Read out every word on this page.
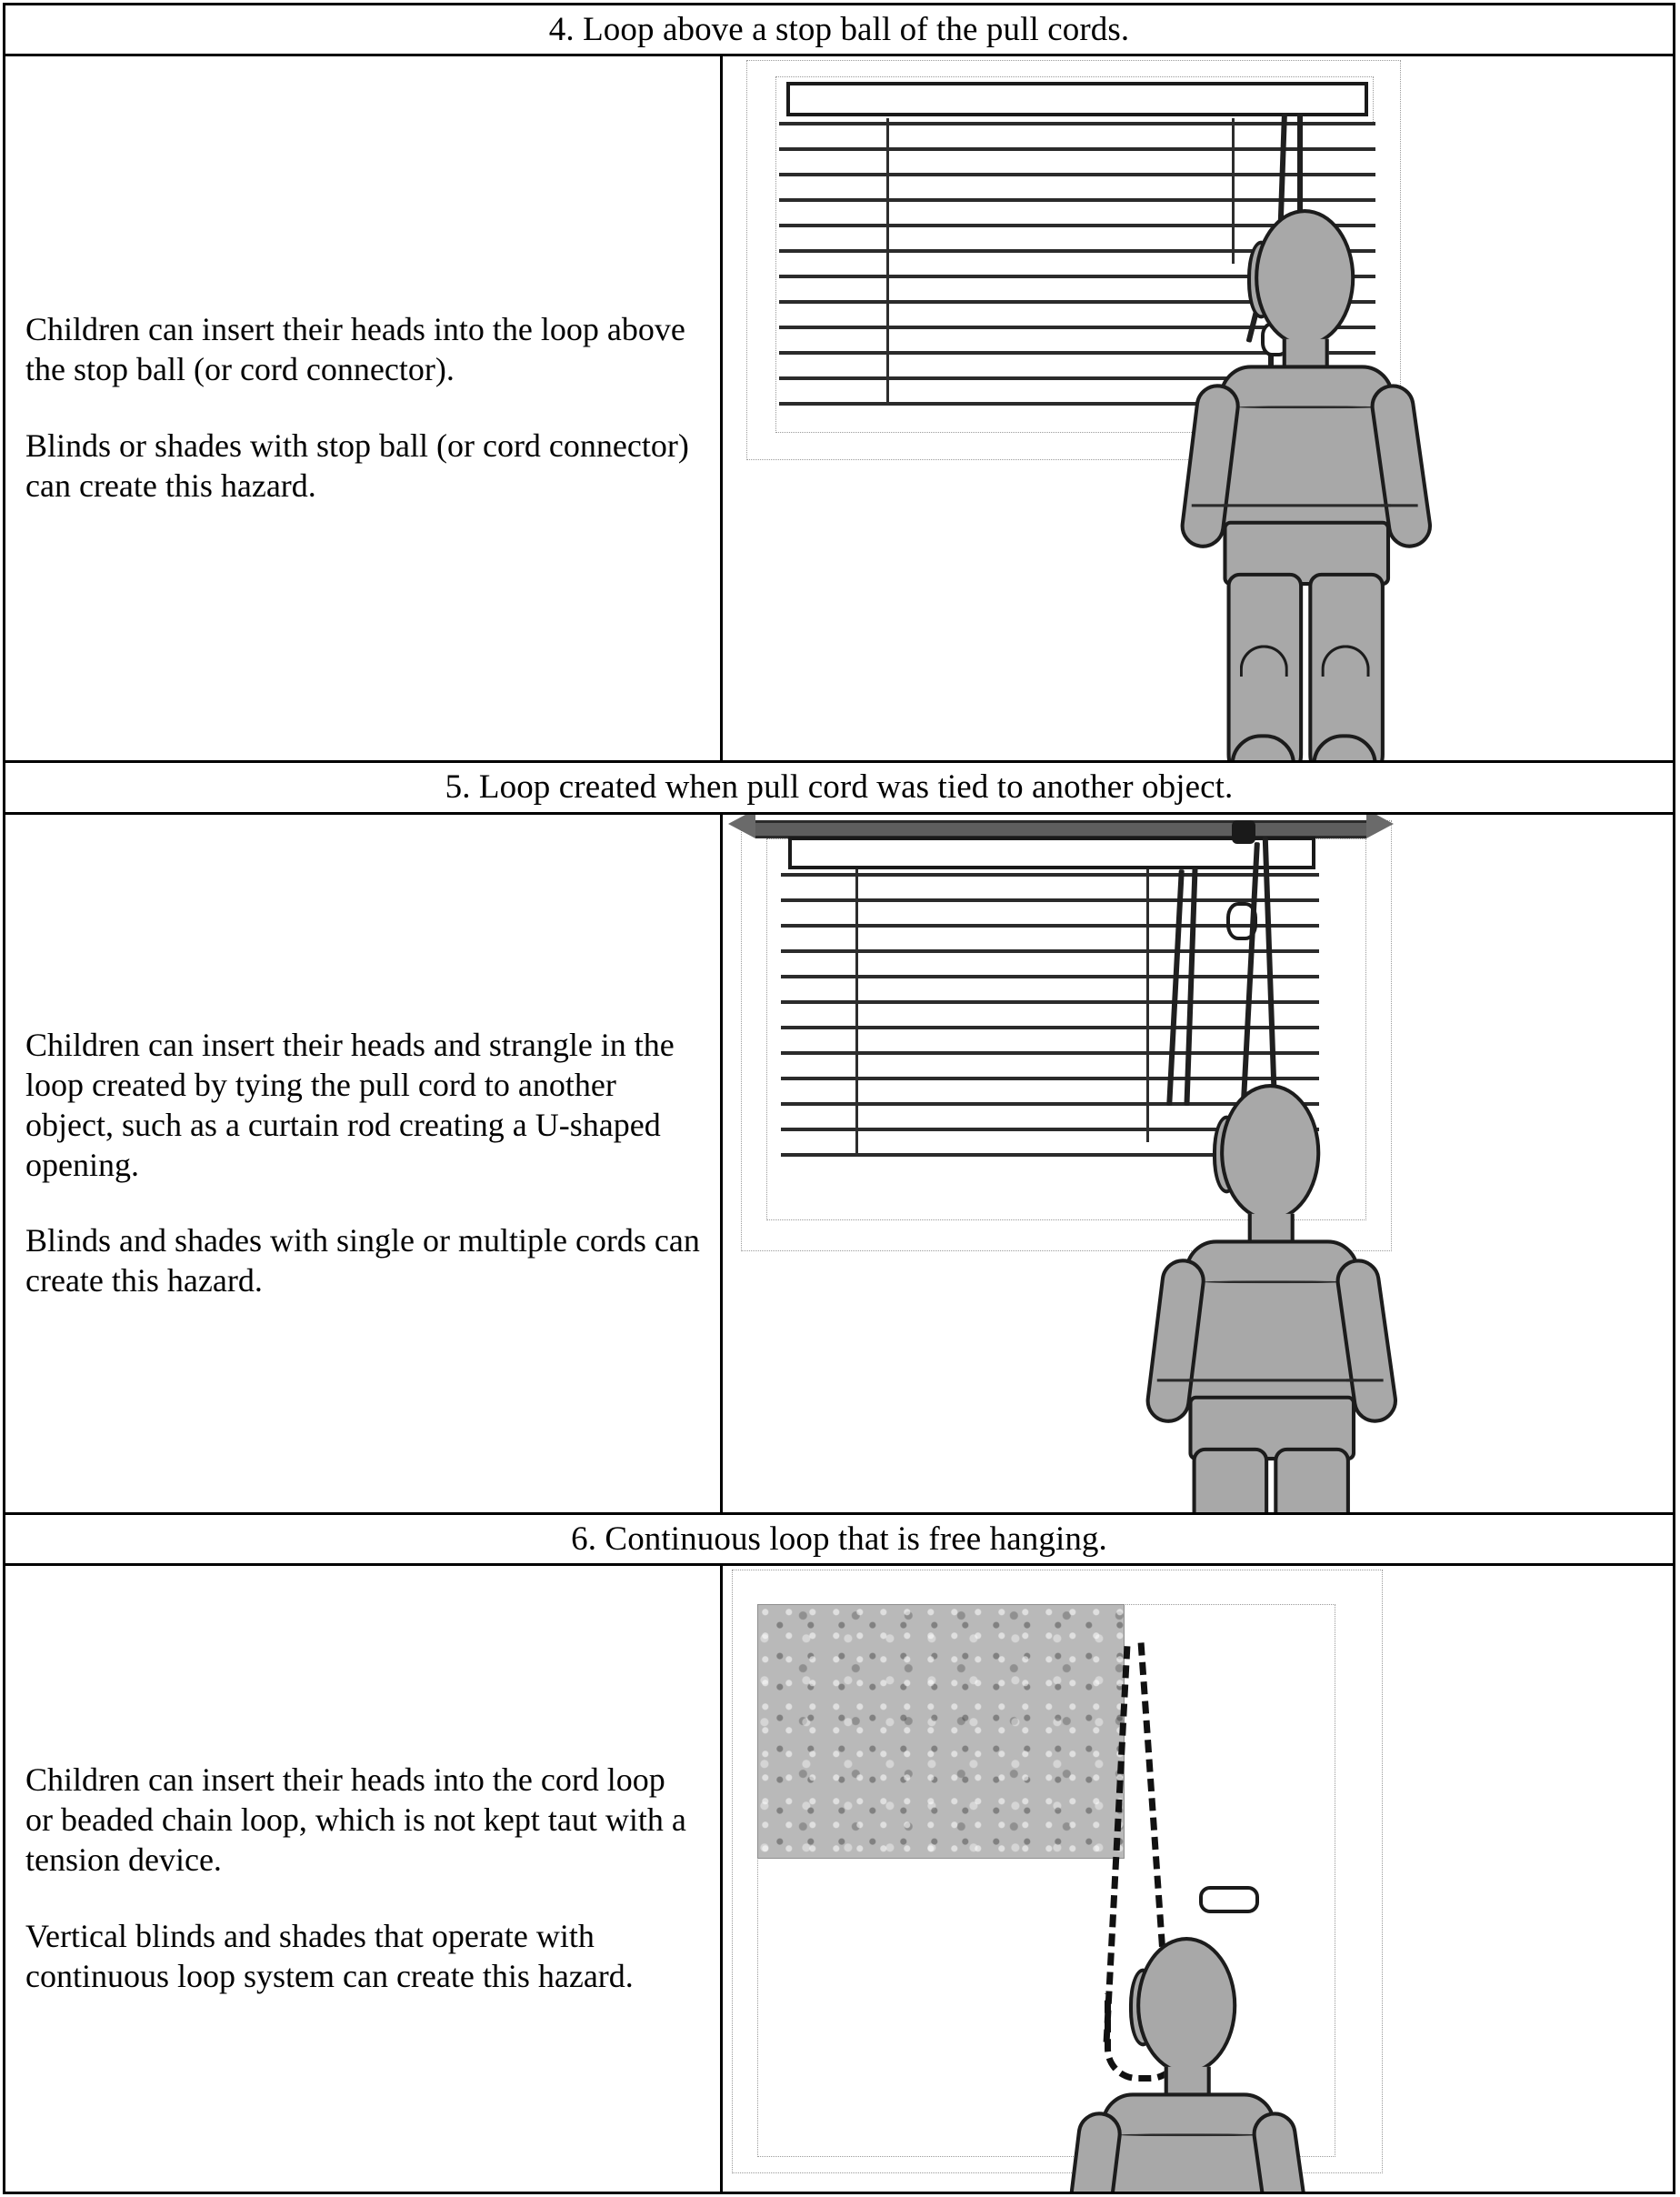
4. Loop above a stop ball of the pull cords.

Children can insert their heads into the loop above the stop ball (or cord connector).

Blinds or shades with stop ball (or cord connector) can create this hazard.

5. Loop created when pull cord was tied to another object.

Children can insert their heads and strangle in the loop created by tying the pull cord to another object, such as a curtain rod creating a U-shaped opening.

Blinds and shades with single or multiple cords can create this hazard.

6. Continuous loop that is free hanging.

Children can insert their heads into the cord loop or beaded chain loop, which is not kept taut with a tension device.

Vertical blinds and shades that operate with continuous loop system can create this hazard.
